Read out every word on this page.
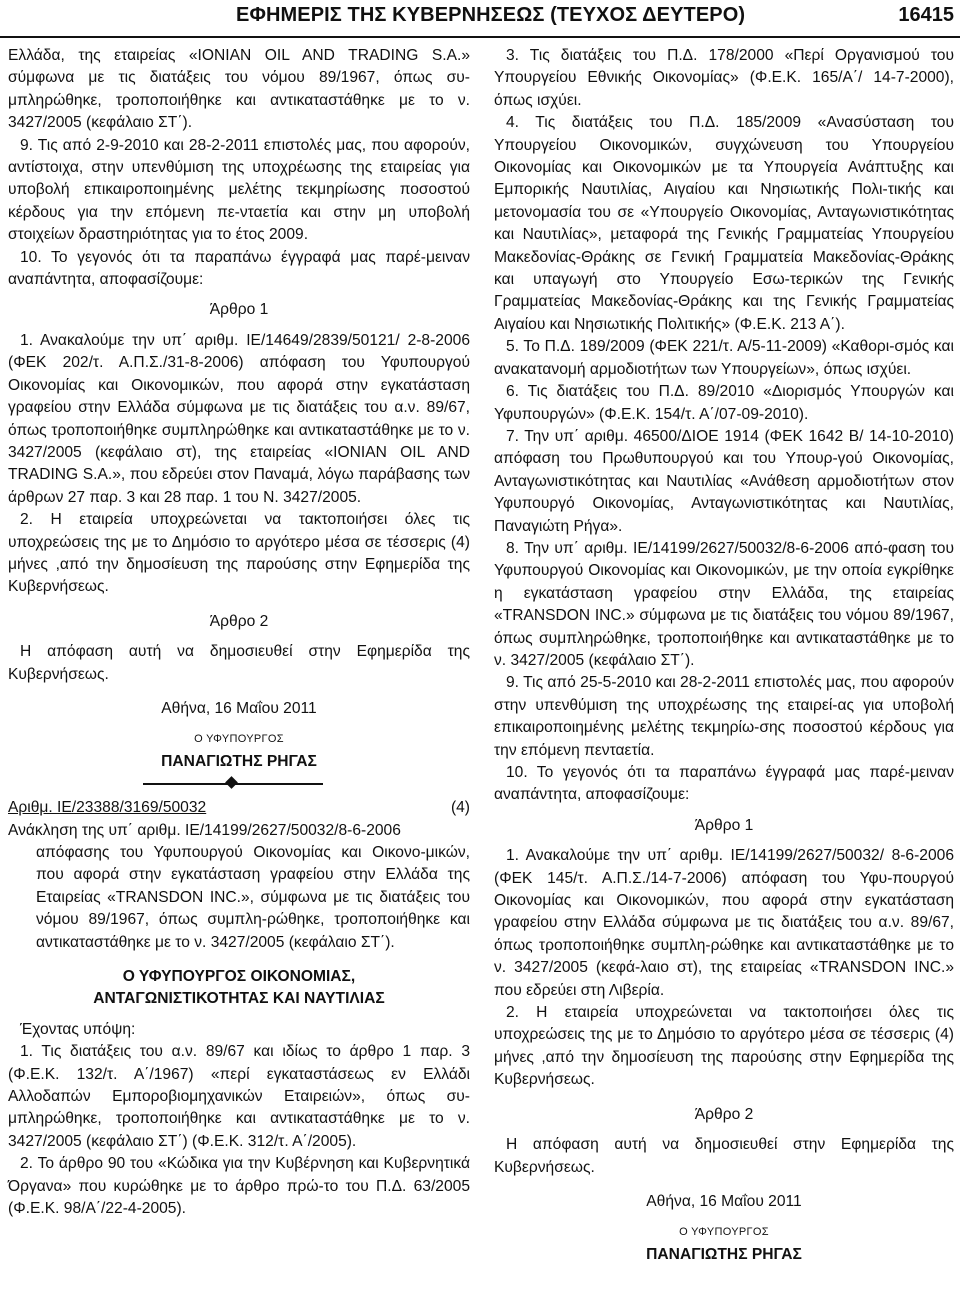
ΕΦΗΜΕΡΙΣ ΤΗΣ ΚΥΒΕΡΝΗΣΕΩΣ (ΤΕΥΧΟΣ ΔΕΥΤΕΡΟ)	16415

Ελλάδα, της εταιρείας «IONIAN OIL AND TRADING S.A.» σύμφωνα με τις διατάξεις του νόμου 89/1967, όπως συ-μπληρώθηκε, τροποποιήθηκε και αντικαταστάθηκε με το ν. 3427/2005 (κεφάλαιο ΣΤ΄).

9. Τις από 2-9-2010 και 28-2-2011 επιστολές μας, που αφορούν, αντίστοιχα, στην υπενθύμιση της υποχρέωσης της εταιρείας για υποβολή επικαιροποιημένης μελέτης τεκμηρίωσης ποσοστού κέρδους για την επόμενη πε-νταετία και στην μη υποβολή στοιχείων δραστηριότητας για το έτος 2009.

10. Το γεγονός ότι τα παραπάνω έγγραφά μας παρέ-μειναν αναπάντητα, αποφασίζουμε:

Άρθρο 1

1. Ανακαλούμε την υπ΄ αριθμ. ΙΕ/14649/2839/50121/ 2-8-2006 (ΦΕΚ 202/τ. Α.Π.Σ./31-8-2006) απόφαση του Υφυπουργού Οικονομίας και Οικονομικών, που αφορά στην εγκατάσταση γραφείου στην Ελλάδα σύμφωνα με τις διατάξεις του α.ν. 89/67, όπως τροποποιήθηκε συμπληρώθηκε και αντικαταστάθηκε με το ν. 3427/2005 (κεφάλαιο στ), της εταιρείας «IONIAN OIL AND TRADING S.A.», που εδρεύει στον Παναμά, λόγω παράβασης των άρθρων 27 παρ. 3 και 28 παρ. 1 του Ν. 3427/2005.

2. Η εταιρεία υποχρεώνεται να τακτοποιήσει όλες τις υποχρεώσεις της με το Δημόσιο το αργότερο μέσα σε τέσσερις (4) μήνες ,από την δημοσίευση της παρούσης στην Εφημερίδα της Κυβερνήσεως.

Άρθρο 2

Η απόφαση αυτή να δημοσιευθεί στην Εφημερίδα της Κυβερνήσεως.

Αθήνα, 16 Μαΐου 2011

Ο ΥΦΥΠΟΥΡΓΟΣ

ΠΑΝΑΓΙΩΤΗΣ ΡΗΓΑΣ

Αριθμ. ΙΕ/23388/3169/50032	(4)

Ανάκληση της υπ΄ αριθμ. ΙΕ/14199/2627/50032/8-6-2006

απόφασης του Υφυπουργού Οικονομίας και Οικονο-μικών, που αφορά στην εγκατάσταση γραφείου στην Ελλάδα της Εταιρείας «TRANSDON INC.», σύμφωνα με τις διατάξεις του νόμου 89/1967, όπως συμπλη-ρώθηκε, τροποποιήθηκε και αντικαταστάθηκε με το ν. 3427/2005 (κεφάλαιο ΣΤ΄).

Ο ΥΦΥΠΟΥΡΓΟΣ ΟΙΚΟΝΟΜΙΑΣ,

ΑΝΤΑΓΩΝΙΣΤΙΚΟΤΗΤΑΣ ΚΑΙ ΝΑΥΤΙΛΙΑΣ

Έχοντας υπόψη:

1. Τις διατάξεις του α.ν. 89/67 και ιδίως το άρθρο 1 παρ. 3 (Φ.Ε.Κ. 132/τ. Α΄/1967) «περί εγκαταστάσεως εν Ελλάδι Αλλοδαπών Εμποροβιομηχανικών Εταιρειών», όπως συ-μπληρώθηκε, τροποποιήθηκε και αντικαταστάθηκε με το ν. 3427/2005 (κεφάλαιο ΣΤ΄) (Φ.Ε.Κ. 312/τ. Α΄/2005).

2. Το άρθρο 90 του «Κώδικα για την Κυβέρνηση και Κυβερνητικά Όργανα» που κυρώθηκε με το άρθρο πρώ-το του Π.Δ. 63/2005 (Φ.Ε.Κ. 98/Α΄/22-4-2005).

3. Τις διατάξεις του Π.Δ. 178/2000 «Περί Οργανισμού του Υπουργείου Εθνικής Οικονομίας» (Φ.Ε.Κ. 165/Α΄/ 14-7-2000), όπως ισχύει.

4. Τις διατάξεις του Π.Δ. 185/2009 «Ανασύσταση του Υπουργείου Οικονομικών, συγχώνευση του Υπουργείου Οικονομίας και Οικονομικών με τα Υπουργεία Ανάπτυξης και Εμπορικής Ναυτιλίας, Αιγαίου και Νησιωτικής Πολι-τικής και μετονομασία του σε «Υπουργείο Οικονομίας, Ανταγωνιστικότητας και Ναυτιλίας», μεταφορά της Γενικής Γραμματείας Υπουργείου Μακεδονίας-Θράκης σε Γενική Γραμματεία Μακεδονίας-Θράκης και υπαγωγή στο Υπουργείο Εσω-τερικών της Γενικής Γραμματείας Μακεδονίας-Θράκης και της Γενικής Γραμματείας Αιγαίου και Νησιωτικής Πολιτικής» (Φ.Ε.Κ. 213 Α΄).

5. Το Π.Δ. 189/2009 (ΦΕΚ 221/τ. Α/5-11-2009) «Καθορι-σμός και ανακατανομή αρμοδιοτήτων των Υπουργείων», όπως ισχύει.

6. Τις διατάξεις του Π.Δ. 89/2010 «Διορισμός Υπουργών και Υφυπουργών» (Φ.Ε.Κ. 154/τ. Α΄/07-09-2010).

7. Την υπ΄ αριθμ. 46500/ΔΙΟΕ 1914 (ΦΕΚ 1642 Β/ 14-10-2010) απόφαση του Πρωθυπουργού και του Υπουρ-γού Οικονομίας, Ανταγωνιστικότητας και Ναυτιλίας «Ανάθεση αρμοδιοτήτων στον Υφυπουργό Οικονομίας, Ανταγωνιστικότητας και Ναυτιλίας, Παναγιώτη Ρήγα».

8. Την υπ΄ αριθμ. ΙΕ/14199/2627/50032/8-6-2006 από-φαση του Υφυπουργού Οικονομίας και Οικονομικών, με την οποία εγκρίθηκε η εγκατάσταση γραφείου στην Ελλάδα, της εταιρείας «TRANSDON INC.» σύμφωνα με τις διατάξεις του νόμου 89/1967, όπως συμπληρώθηκε, τροποποιήθηκε και αντικαταστάθηκε με το ν. 3427/2005 (κεφάλαιο ΣΤ΄).

9. Τις από 25-5-2010 και 28-2-2011 επιστολές μας, που αφορούν στην υπενθύμιση της υποχρέωσης της εταιρεί-ας για υποβολή επικαιροποιημένης μελέτης τεκμηρίω-σης ποσοστού κέρδους για την επόμενη πενταετία.

10. Το γεγονός ότι τα παραπάνω έγγραφά μας παρέ-μειναν αναπάντητα, αποφασίζουμε:

Άρθρο 1

1. Ανακαλούμε την υπ΄ αριθμ. ΙΕ/14199/2627/50032/ 8-6-2006 (ΦΕΚ 145/τ. Α.Π.Σ./14-7-2006) απόφαση του Υφυ-πουργού Οικονομίας και Οικονομικών, που αφορά στην εγκατάσταση γραφείου στην Ελλάδα σύμφωνα με τις διατάξεις του α.ν. 89/67, όπως τροποποιήθηκε συμπλη-ρώθηκε και αντικαταστάθηκε με το ν. 3427/2005 (κεφά-λαιο στ), της εταιρείας «TRANSDON INC.» που εδρεύει στη Λιβερία.

2. Η εταιρεία υποχρεώνεται να τακτοποιήσει όλες τις υποχρεώσεις της με το Δημόσιο το αργότερο μέσα σε τέσσερις (4) μήνες ,από την δημοσίευση της παρούσης στην Εφημερίδα της Κυβερνήσεως.

Άρθρο 2

Η απόφαση αυτή να δημοσιευθεί στην Εφημερίδα της Κυβερνήσεως.

Αθήνα, 16 Μαΐου 2011

Ο ΥΦΥΠΟΥΡΓΟΣ

ΠΑΝΑΓΙΩΤΗΣ ΡΗΓΑΣ
